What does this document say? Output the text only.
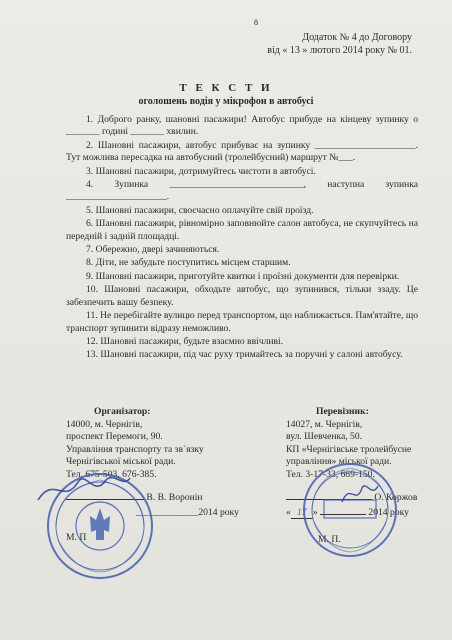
8
Додаток № 4 до Договору
від « 13 » лютого 2014 року № 01.
Т Е К С Т И
оголошень водія у мікрофон в автобусі

1. Доброго ранку, шановні пасажири! Автобус прибуде на кінцеву зупинку о _______ годині _______ хвилин.

2. Шановні пасажири, автобус прибуває на зупинку _____________________. Тут можлива пересадка на автобусний (тролейбусний) маршрут №___.

3. Шановні пасажири, дотримуйтесь чистоти в автобусі.

4. Зупинка ____________________________, наступна зупинка _____________________.

5. Шановні пасажири, своєчасно оплачуйте свій проїзд.

6. Шановні пасажири, рівномірно заповнюйте салон автобуса, не скупчуйтесь на передній і задній площадці.

7. Обережно, двері зачиняються.

8. Діти, не забудьте поступитись місцем старшим.

9. Шановні пасажири, приготуйте квитки і проїзні документи для перевірки.

10. Шановні пасажири, обходьте автобус, що зупинився, тільки ззаду. Це забезпечить вашу безпеку.

11. Не перебігайте вулицю перед транспортом, що наближається. Пам'ятайте, що транспорт зупинити відразу неможливо.

12. Шановні пасажири, будьте взаємно ввічливі.

13. Шановні пасажири, під час руху тримайтесь за поручні у салоні автобусу.

Організатор:
14000, м. Чернігів,
проспект Перемоги, 90.
Управління транспорту та зв`язку
Чернігівської міської ради.
Тел. 675-503, 676-385.
Перевізник:
14027, м. Чернігів,
вул. Шевченка, 50.
КП «Чернігівське тролейбусне
управління» міської ради.
Тел. 3-17-33, 669-150.
В. В. Воронін
_____________2014 року
М. П
О. Коржов
« 17 »	2014 року
М. П.
